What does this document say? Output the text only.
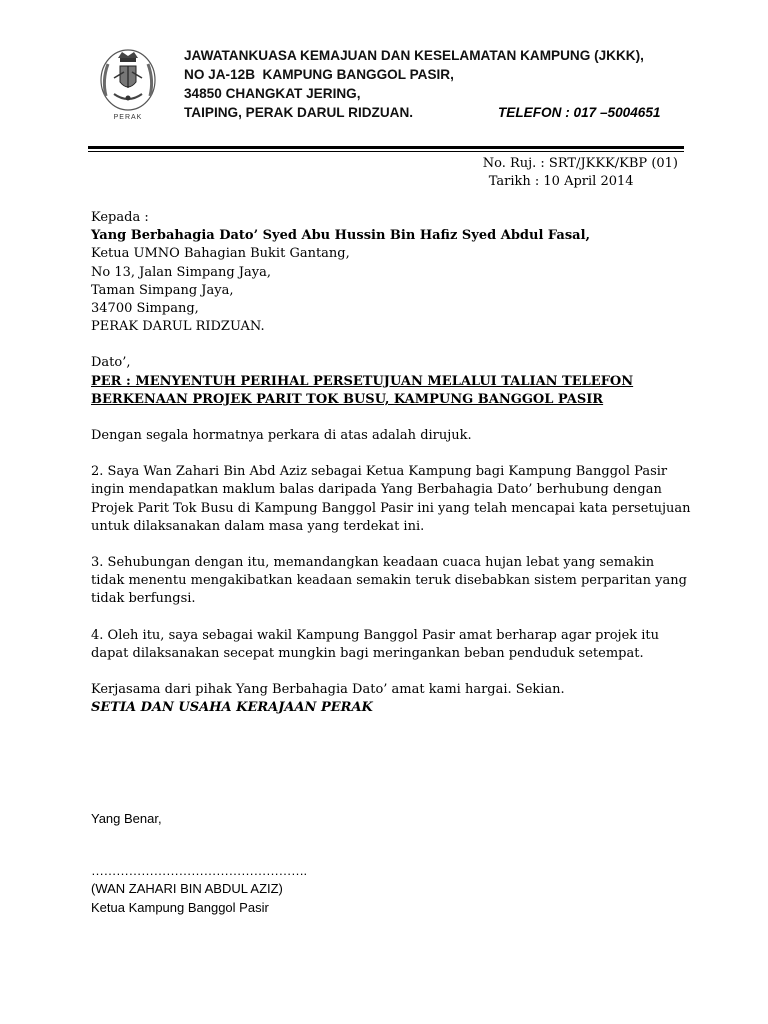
PERAK
JAWATANKUASA KEMAJUAN DAN KESELAMATAN KAMPUNG (JKKK),
NO JA-12B  KAMPUNG BANGGOL PASIR,
34850 CHANGKAT JERING,
TAIPING, PERAK DARUL RIDZUAN.	TELEFON : 017 –5004651
No. Ruj. : SRT/JKKK/KBP (01)
Tarikh : 10 April 2014

Kepada :

Yang Berbahagia Dato’ Syed Abu Hussin Bin Hafiz Syed Abdul Fasal,

Ketua UMNO Bahagian Bukit Gantang,

No 13, Jalan Simpang Jaya,

Taman Simpang Jaya,

34700 Simpang,

PERAK DARUL RIDZUAN.

Dato’,

PER : MENYENTUH PERIHAL PERSETUJUAN MELALUI TALIAN TELEFON BERKENAAN PROJEK PARIT TOK BUSU, KAMPUNG BANGGOL PASIR

Dengan segala hormatnya perkara di atas adalah dirujuk.

2. Saya Wan Zahari Bin Abd Aziz sebagai Ketua Kampung bagi Kampung Banggol Pasir ingin mendapatkan maklum balas daripada Yang Berbahagia Dato’ berhubung dengan Projek Parit Tok Busu di Kampung Banggol Pasir ini yang telah mencapai kata persetujuan untuk dilaksanakan dalam masa yang terdekat ini.

3. Sehubungan dengan itu, memandangkan keadaan cuaca hujan lebat yang semakin tidak menentu mengakibatkan keadaan semakin teruk disebabkan sistem perparitan yang tidak berfungsi.

4. Oleh itu, saya sebagai wakil Kampung Banggol Pasir amat berharap agar projek itu dapat dilaksanakan secepat mungkin bagi meringankan beban penduduk setempat.

Kerjasama dari pihak Yang Berbahagia Dato’ amat kami hargai. Sekian.

SETIA DAN USAHA KERAJAAN PERAK

Yang Benar,
…………………………………………….
(WAN ZAHARI BIN ABDUL AZIZ)
Ketua Kampung Banggol Pasir
